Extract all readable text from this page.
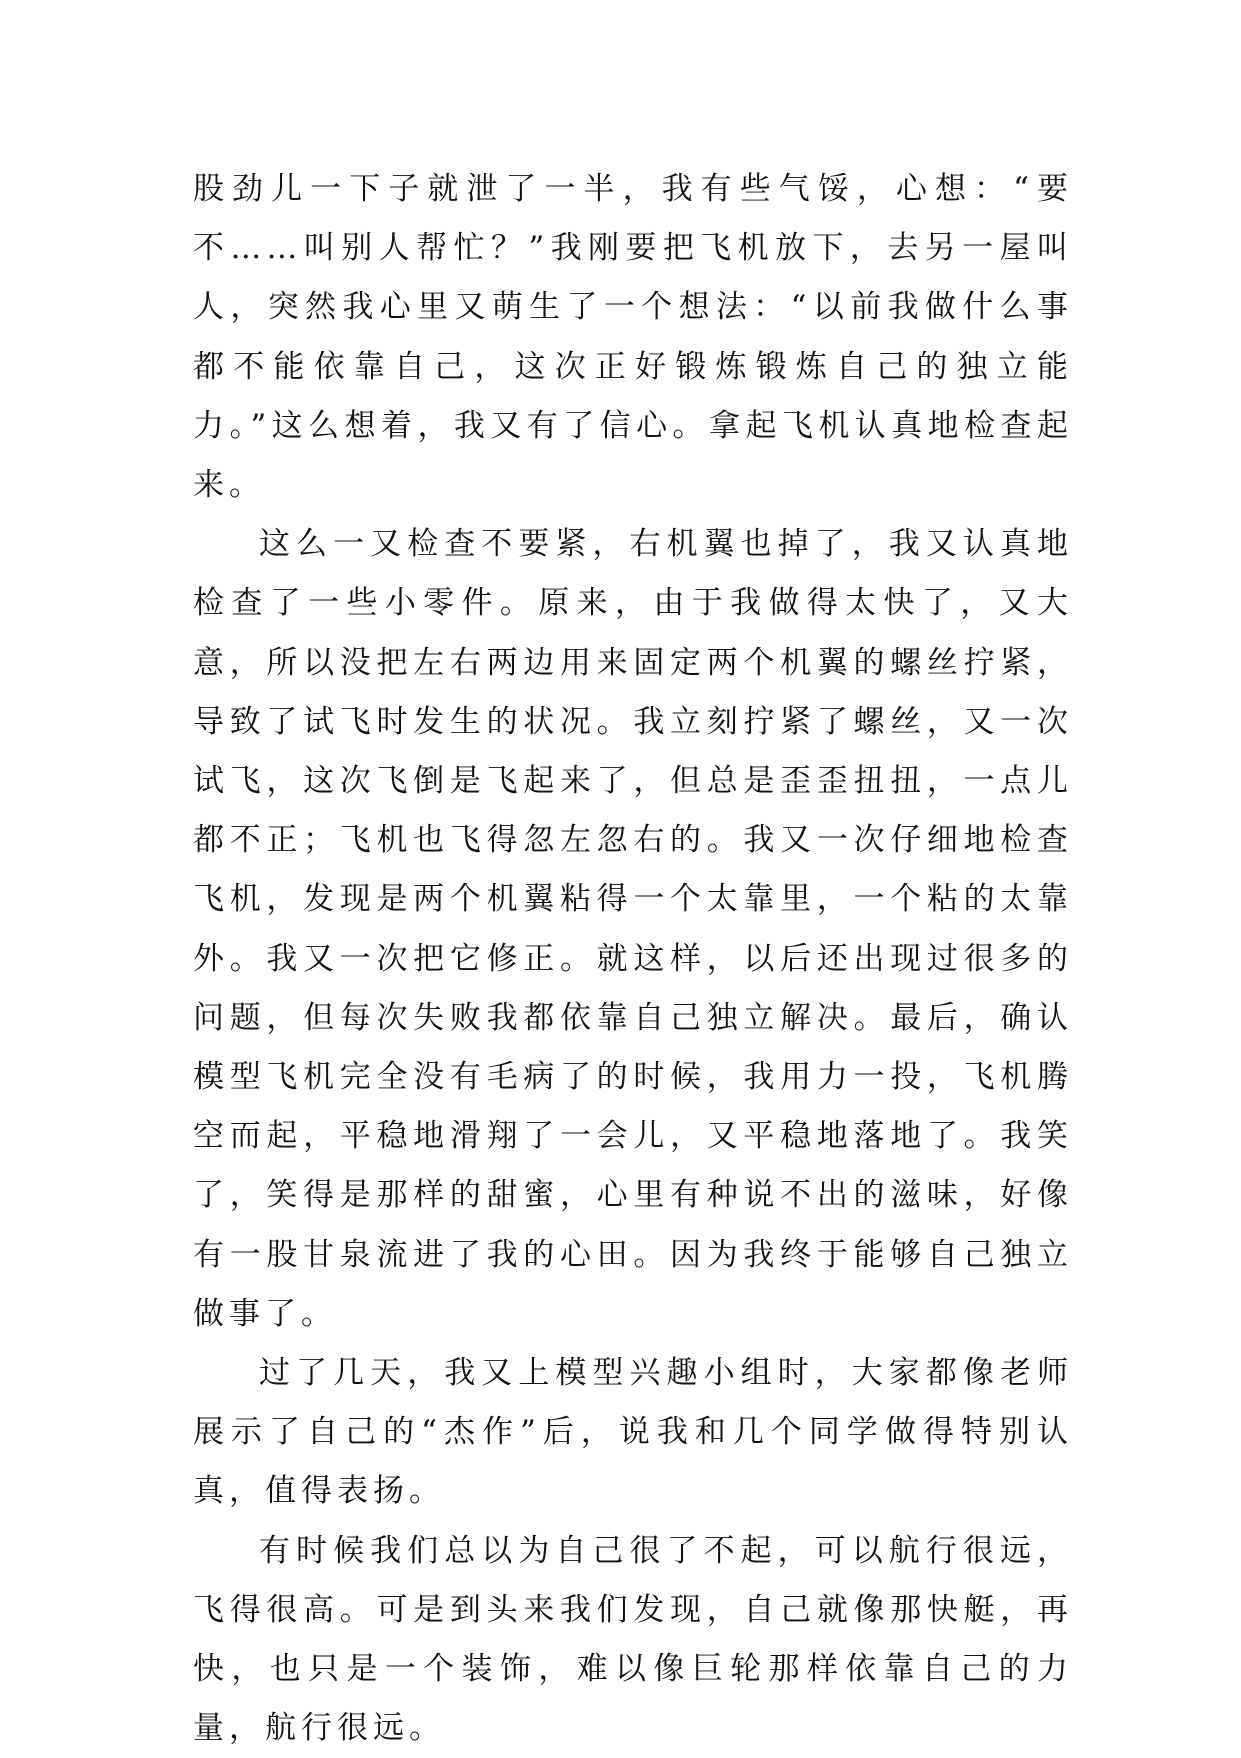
股劲儿一下子就泄了一半，我有些气馁，心想：“要不……叫别人帮忙？”我刚要把飞机放下，去另一屋叫人，突然我心里又萌生了一个想法：“以前我做什么事都不能依靠自己，这次正好锻炼锻炼自己的独立能力。”这么想着，我又有了信心。拿起飞机认真地检查起来。

这么一又检查不要紧，右机翼也掉了，我又认真地检查了一些小零件。原来，由于我做得太快了，又大意，所以没把左右两边用来固定两个机翼的螺丝拧紧，导致了试飞时发生的状况。我立刻拧紧了螺丝，又一次试飞，这次飞倒是飞起来了，但总是歪歪扭扭，一点儿都不正；飞机也飞得忽左忽右的。我又一次仔细地检查飞机，发现是两个机翼粘得一个太靠里，一个粘的太靠外。我又一次把它修正。就这样，以后还出现过很多的问题，但每次失败我都依靠自己独立解决。最后，确认模型飞机完全没有毛病了的时候，我用力一投，飞机腾空而起，平稳地滑翔了一会儿，又平稳地落地了。我笑了，笑得是那样的甜蜜，心里有种说不出的滋味，好像有一股甘泉流进了我的心田。因为我终于能够自己独立做事了。

过了几天，我又上模型兴趣小组时，大家都像老师展示了自己的“杰作”后，说我和几个同学做得特别认真，值得表扬。

有时候我们总以为自己很了不起，可以航行很远，飞得很高。可是到头来我们发现，自己就像那快艇，再快，也只是一个装饰，难以像巨轮那样依靠自己的力量，航行很远。
